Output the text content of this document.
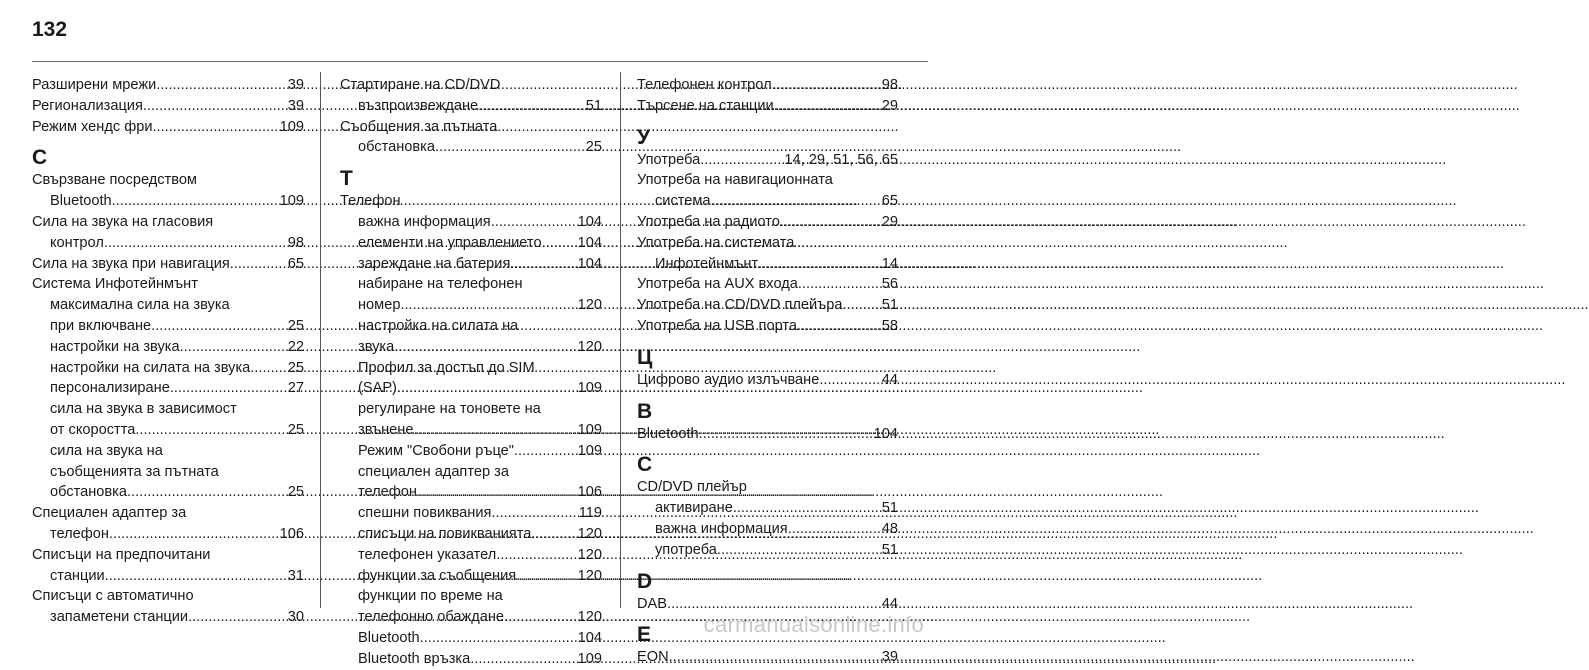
132
Разширени мрежи .....	39
Регионализация .....	39
Режим хендс фри .....	109
С
Свързване посредством
Bluetooth .....	109
Сила на звука на гласовия
контрол .....	98
Сила на звука при навигация .....	65
Система Инфотейнмънт
максимална сила на звука
при включване .....	25
настройки на звука .....	22
настройки на силата на звука .....	25
персонализиране .....	27
сила на звука в зависимост
от скоростта .....	25
сила на звука на
съобщенията за пътната
обстановка .....	25
Специален адаптер за
телефон .....	106
Списъци на предпочитани
станции .....	31
Списъци с автоматично
запаметени станции .....	30
Стартиране на CD/DVD
възпроизвеждане .....	51
Съобщения за пътната
обстановка .....	25
Т
Телефон
важна информация .....	104
елементи на управлението ..... 104
зареждане на батерия .....	104
набиране на телефонен
номер .....	120
настройка на силата на
звука .....	120
Профил за достъп до SIM
(SAP) .....	109
регулиране на тоновете на
звънене .....	109
Режим "Свобони ръце" .....	109
специален адаптер за
телефон .....	106
спешни повиквания .....	119
списъци на повикванията .....	120
телефонен указател .....	120
функции за съобщения .....	120
функции по време на
телефонно обаждане .....	120
Bluetooth .....	104
Bluetooth връзка .....	109
Телефонен контрол .....	98
Търсене на станции .....	29
У
Употреба .....	14, 29, 51, 56, 65
Употреба на навигационната
система .....	65
Употреба на радиото .....	29
Употреба на системата
Инфотейнмънт .....	14
Употреба на AUX входа .....	56
Употреба на CD/DVD плейъра .....	51
Употреба на USB порта .....	58
Ц
Цифрово аудио излъчване .....	44
B
Bluetooth .....	104
C
CD/DVD плейър
активиране .....	51
важна информация .....	48
употреба .....	51
D
DAB .....	44
E
EON .....	39
carmanualsonline.info
